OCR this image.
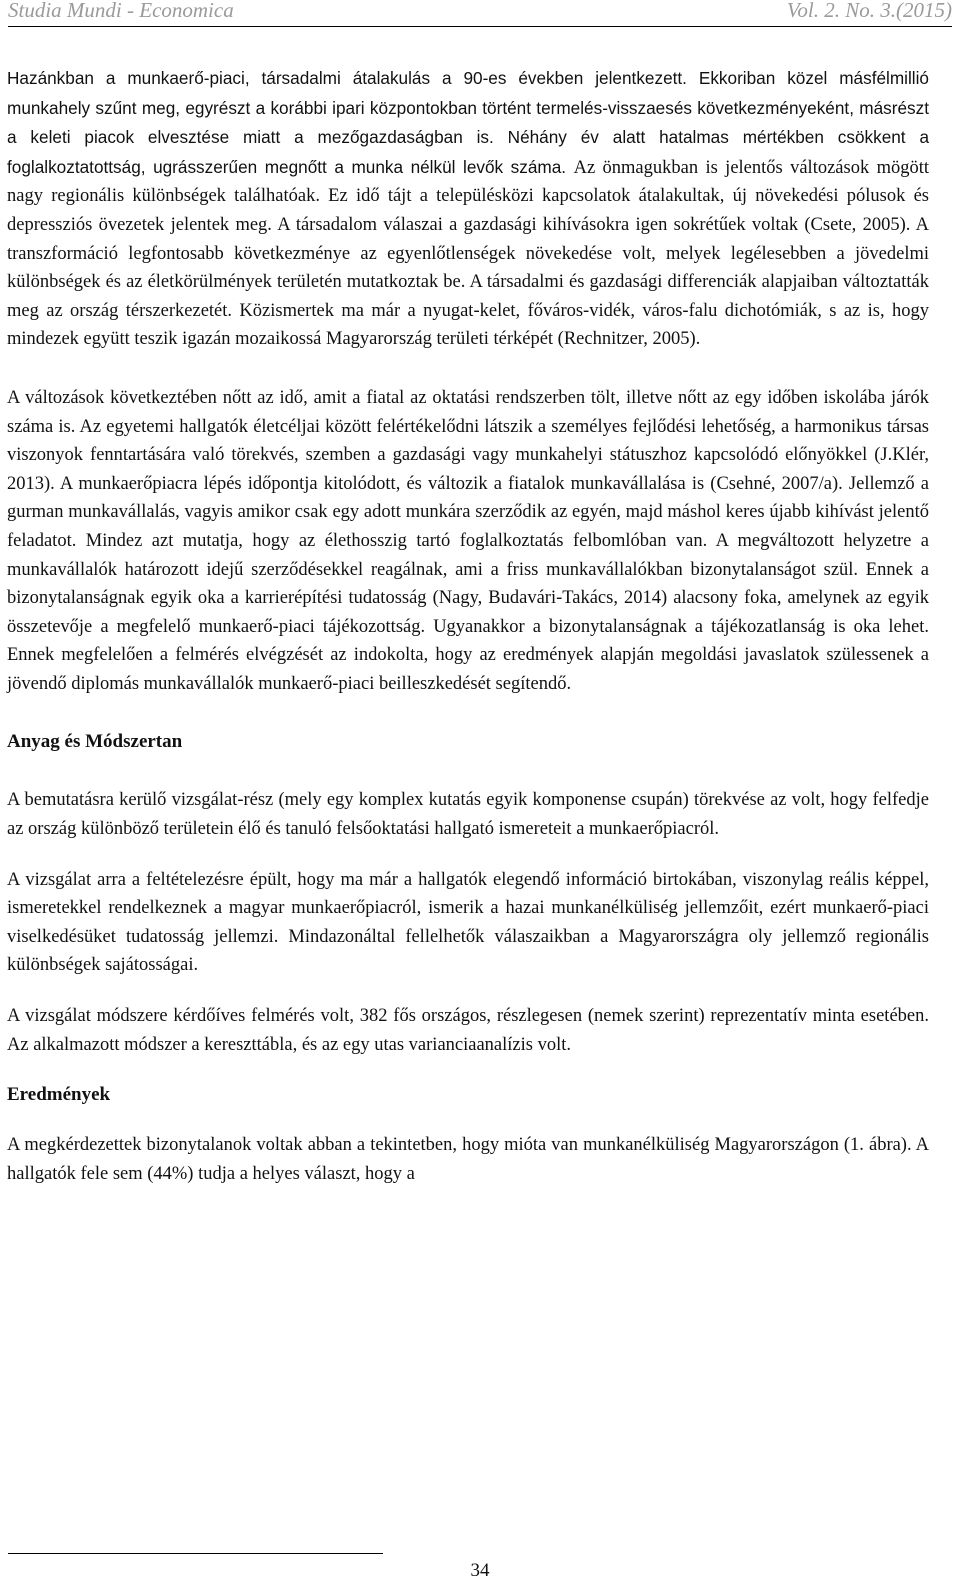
Studia Mundi - Economica	Vol. 2. No. 3.(2015)

Hazánkban a munkaerő-piaci, társadalmi átalakulás a 90-es években jelentkezett. Ekkoriban közel másfélmillió munkahely szűnt meg, egyrészt a korábbi ipari központokban történt termelés-visszaesés következményeként, másrészt a keleti piacok elvesztése miatt a mezőgazdaságban is. Néhány év alatt hatalmas mértékben csökkent a foglalkoztatottság, ugrásszerűen megnőtt a munka nélkül levők száma. Az önmagukban is jelentős változások mögött nagy regionális különbségek találhatóak. Ez idő tájt a településközi kapcsolatok átalakultak, új növekedési pólusok és depressziós övezetek jelentek meg. A társadalom válaszai a gazdasági kihívásokra igen sokrétűek voltak (Csete, 2005). A transzformáció legfontosabb következménye az egyenlőtlenségek növekedése volt, melyek legélesebben a jövedelmi különbségek és az életkörülmények területén mutatkoztak be. A társadalmi és gazdasági differenciák alapjaiban változtatták meg az ország térszerkezetét. Közismertek ma már a nyugat-kelet, főváros-vidék, város-falu dichotómiák, s az is, hogy mindezek együtt teszik igazán mozaikossá Magyarország területi térképét (Rechnitzer, 2005).

A változások következtében nőtt az idő, amit a fiatal az oktatási rendszerben tölt, illetve nőtt az egy időben iskolába járók száma is. Az egyetemi hallgatók életcéljai között felértékelődni látszik a személyes fejlődési lehetőség, a harmonikus társas viszonyok fenntartására való törekvés, szemben a gazdasági vagy munkahelyi státuszhoz kapcsolódó előnyökkel (J.Klér, 2013). A munkaerőpiacra lépés időpontja kitolódott, és változik a fiatalok munkavállalása is (Csehné, 2007/a). Jellemző a gurman munkavállalás, vagyis amikor csak egy adott munkára szerződik az egyén, majd máshol keres újabb kihívást jelentő feladatot. Mindez azt mutatja, hogy az élethosszig tartó foglalkoztatás felbomlóban van. A megváltozott helyzetre a munkavállalók határozott idejű szerződésekkel reagálnak, ami a friss munkavállalókban bizonytalanságot szül. Ennek a bizonytalanságnak egyik oka a karrierépítési tudatosság (Nagy, Budavári-Takács, 2014) alacsony foka, amelynek az egyik összetevője a megfelelő munkaerő-piaci tájékozottság. Ugyanakkor a bizonytalanságnak a tájékozatlanság is oka lehet. Ennek megfelelően a felmérés elvégzését az indokolta, hogy az eredmények alapján megoldási javaslatok szülessenek a jövendő diplomás munkavállalók munkaerő-piaci beilleszkedését segítendő.

Anyag és Módszertan

A bemutatásra kerülő vizsgálat-rész (mely egy komplex kutatás egyik komponense csupán) törekvése az volt, hogy felfedje az ország különböző területein élő és tanuló felsőoktatási hallgató ismereteit a munkaerőpiacról.

A vizsgálat arra a feltételezésre épült, hogy ma már a hallgatók elegendő információ birtokában, viszonylag reális képpel, ismeretekkel rendelkeznek a magyar munkaerőpiacról, ismerik a hazai munkanélküliség jellemzőit, ezért munkaerő-piaci viselkedésüket tudatosság jellemzi. Mindazonáltal fellelhetők válaszaikban a Magyarországra oly jellemző regionális különbségek sajátosságai.

A vizsgálat módszere kérdőíves felmérés volt, 382 fős országos, részlegesen (nemek szerint) reprezentatív minta esetében. Az alkalmazott módszer a kereszttábla, és az egy utas varianciaanalízis volt.

Eredmények

A megkérdezettek bizonytalanok voltak abban a tekintetben, hogy mióta van munkanélküliség Magyarországon (1. ábra). A hallgatók fele sem (44%) tudja a helyes választ, hogy a

34
